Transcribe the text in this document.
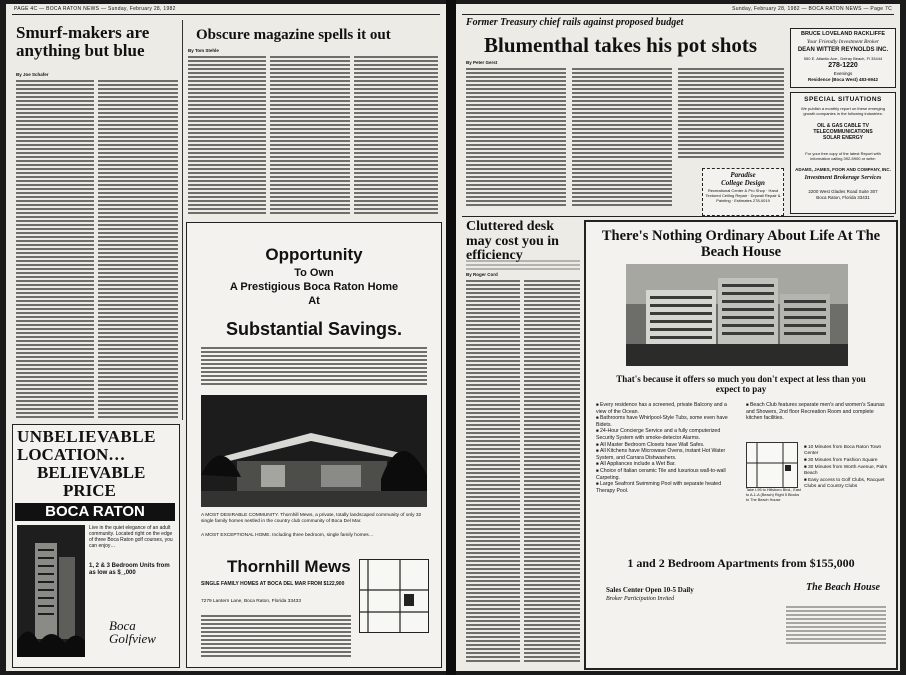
PAGE 4C — BOCA RATON NEWS — Sunday, February 28, 1982
Smurf-makers are anything but blue
By Joe Schafer
Obscure magazine spells it out
By Tom Stehle
UNBELIEVABLE
LOCATION…
BELIEVABLE
PRICE
BOCA RATON
Live in the quiet elegance of an adult community. Located right on the edge of three Boca Raton golf courses, you can enjoy…
1, 2 & 3 Bedroom Units from as low as $_,000
Boca Golfview
Opportunity
To Own
A Prestigious Boca Raton Home
At
Substantial Savings.
A MOST DESIRABLE COMMUNITY. Thornhill Mews, a private, totally landscaped community of only 32 single family homes nestled in the country club community of Boca Del Mar.
A MOST EXCEPTIONAL HOME. Including three bedroom, single family homes…
Thornhill Mews
SINGLE FAMILY HOMES AT BOCA DEL MAR FROM $122,900
7279 Lantern Lane, Boca Raton, Florida 33433
Sunday, February 28, 1982 — BOCA RATON NEWS — Page 7C
Former Treasury chief rails against proposed budget
Blumenthal takes his pot shots
By Peter Gerst
Paradise
College Design
Recreational Center & Pro Shop · Hand Textured Ceiling Repair · Drywall Repair & Painting · Estimates 278-0019
BRUCE LOVELAND RACKLIFFE
Your Friendly Investment Broker
DEAN WITTER REYNOLDS INC.
550 E. Atlantic Ave., Delray Beach, Fl 33444
278-1220
Evenings
Residence (Boca West) 483-6942
SPECIAL SITUATIONS
We publish a monthly report on these emerging growth companies in the following industries:
OIL & GAS CABLE TV TELECOMMUNICATIONS SOLAR ENERGY
For your free copy of the latest Report with information calling 392-5900 or write:
ADAMS, JAMES, FOOR AND COMPANY, INC.
Investment Brokerage Services
2200 West Glades Road Suite 307 Boca Raton, Florida 33431
Cluttered desk may cost you in efficiency
By Roger Cord
There's Nothing Ordinary About Life At The Beach House
That's because it offers so much you don't expect at less than you expect to pay
■ Every residence has a screened, private Balcony and a view of the Ocean.
■ Bathrooms have Whirlpool-Style Tubs, some even have Bidets.
■ 24-Hour Concierge Service and a fully computerized Security System with smoke-detector Alarms.
■ All Master Bedroom Closets have Wall Safes.
■ All Kitchens have Microwave Ovens, instant Hot Water System, and Carrara Dishwashers.
■ All Appliances include a Wet Bar.
■ Choice of Italian ceramic Tile and luxurious wall-to-wall Carpeting.
■ Large Seafront Swimming Pool with separate heated Therapy Pool.
■ Beach Club features separate men's and women's Saunas and Showers, 2nd floor Recreation Room and complete kitchen facilities.
Take I-95 to Hillsboro Blvd., East to A-1-A (Beach) Right 5 Blocks to The Beach House
■ 10 Minutes from Boca Raton Town Center
■ 30 Minutes from Fashion Square
■ 30 Minutes from Worth Avenue, Palm Beach
■ Easy access to Golf Clubs, Racquet Clubs and Country Clubs
1 and 2 Bedroom Apartments from $155,000
Sales Center Open 10-5 Daily
Broker Participation Invited
The Beach House
